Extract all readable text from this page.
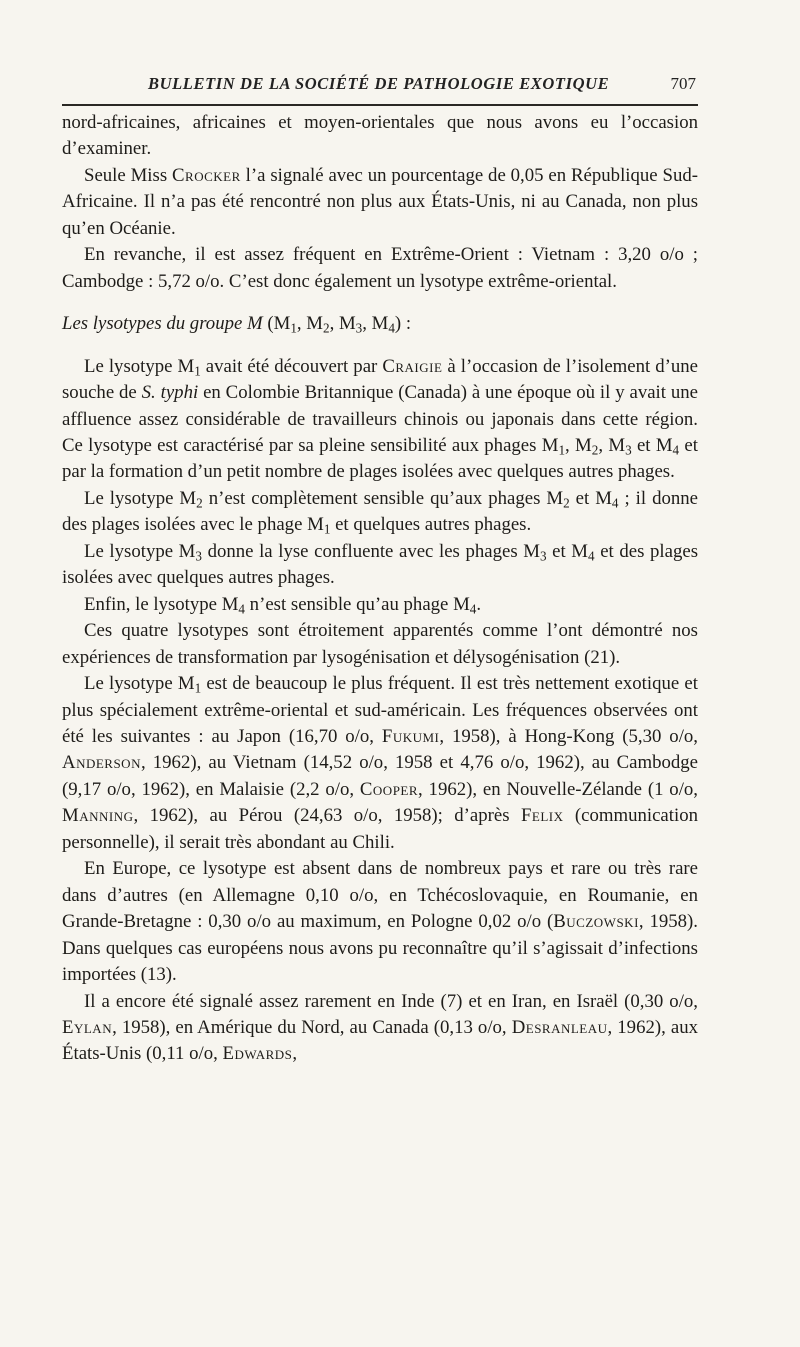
BULLETIN DE LA SOCIÉTÉ DE PATHOLOGIE EXOTIQUE	707

nord-africaines, africaines et moyen-orientales que nous avons eu l’occasion d’examiner.

Seule Miss Crocker l’a signalé avec un pourcentage de 0,05 en République Sud-Africaine. Il n’a pas été rencontré non plus aux États-Unis, ni au Canada, non plus qu’en Océanie.

En revanche, il est assez fréquent en Extrême-Orient : Vietnam : 3,20 o/o ; Cambodge : 5,72 o/o. C’est donc également un lysotype extrême-oriental.

Les lysotypes du groupe M ($M_1$, $M_2$, $M_3$, $M_4$) :

Le lysotype $M_1$ avait été découvert par Craigie à l’occasion de l’isolement d’une souche de S. typhi en Colombie Britannique (Canada) à une époque où il y avait une affluence assez considérable de travailleurs chinois ou japonais dans cette région. Ce lysotype est caractérisé par sa pleine sensibilité aux phages $M_1$, $M_2$, $M_3$ et $M_4$ et par la formation d’un petit nombre de plages isolées avec quelques autres phages.

Le lysotype $M_2$ n’est complètement sensible qu’aux phages $M_2$ et $M_4$ ; il donne des plages isolées avec le phage $M_1$ et quelques autres phages.

Le lysotype $M_3$ donne la lyse confluente avec les phages $M_3$ et $M_4$ et des plages isolées avec quelques autres phages.

Enfin, le lysotype $M_4$ n’est sensible qu’au phage $M_4$.

Ces quatre lysotypes sont étroitement apparentés comme l’ont démontré nos expériences de transformation par lysogénisation et délysogénisation (21).

Le lysotype $M_1$ est de beaucoup le plus fréquent. Il est très nettement exotique et plus spécialement extrême-oriental et sud-américain. Les fréquences observées ont été les suivantes : au Japon (16,70 o/o, Fukumi, 1958), à Hong-Kong (5,30 o/o, Anderson, 1962), au Vietnam (14,52 o/o, 1958 et 4,76 o/o, 1962), au Cambodge (9,17 o/o, 1962), en Malaisie (2,2 o/o, Cooper, 1962), en Nouvelle-Zélande (1 o/o, Manning, 1962), au Pérou (24,63 o/o, 1958); d’après Felix (communication personnelle), il serait très abondant au Chili.

En Europe, ce lysotype est absent dans de nombreux pays et rare ou très rare dans d’autres (en Allemagne 0,10 o/o, en Tchécoslovaquie, en Roumanie, en Grande-Bretagne : 0,30 o/o au maximum, en Pologne 0,02 o/o (Buczowski, 1958). Dans quelques cas européens nous avons pu reconnaître qu’il s’agissait d’infections importées (13).

Il a encore été signalé assez rarement en Inde (7) et en Iran, en Israël (0,30 o/o, Eylan, 1958), en Amérique du Nord, au Canada (0,13 o/o, Desranleau, 1962), aux États-Unis (0,11 o/o, Edwards,
